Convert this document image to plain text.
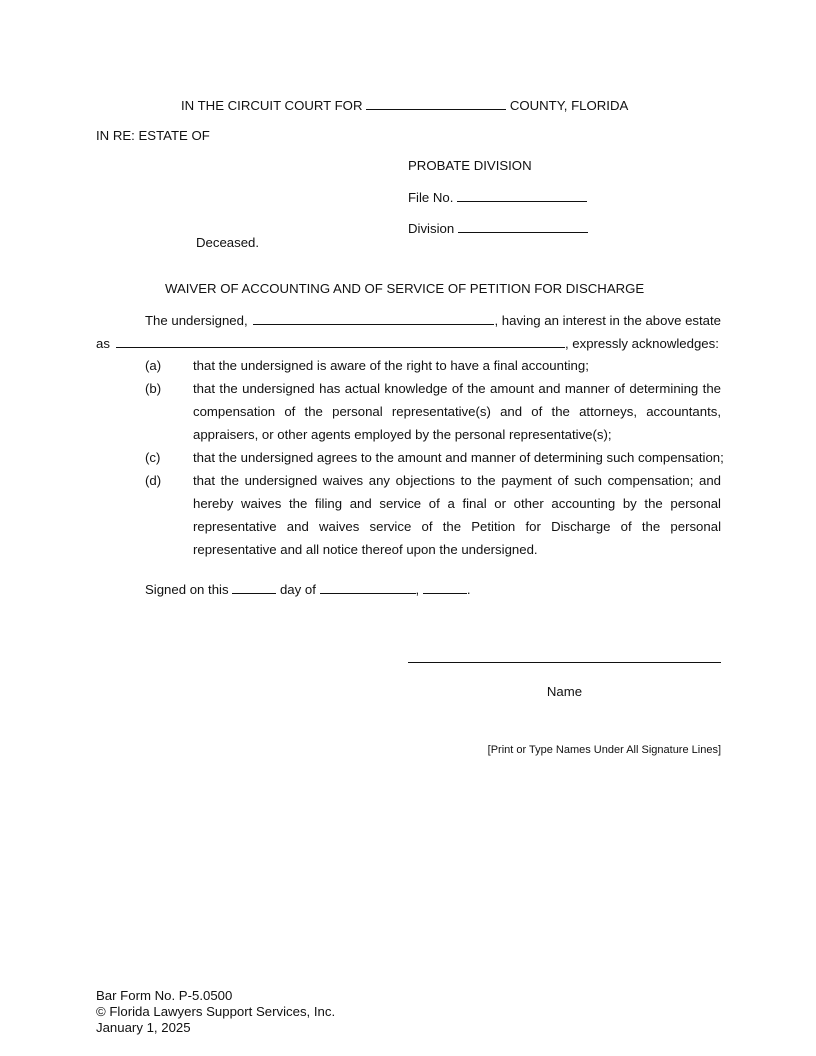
IN THE CIRCUIT COURT FOR	COUNTY, FLORIDA
IN RE: ESTATE OF
PROBATE DIVISION
File No.
Division
Deceased.
WAIVER OF ACCOUNTING AND OF SERVICE OF PETITION FOR DISCHARGE
The undersigned,	, having an interest in the above estate
as	, expressly acknowledges:
(a) that the undersigned is aware of the right to have a final accounting;
(b) that the undersigned has actual knowledge of the amount and manner of determining the
compensation of the personal representative(s) and of the attorneys, accountants,
appraisers, or other agents employed by the personal representative(s);
(c) that the undersigned agrees to the amount and manner of determining such compensation;
(d) that the undersigned waives any objections to the payment of such compensation; and
hereby waives the filing and service of a final or other accounting by the personal
representative and waives service of the Petition for Discharge of the personal
representative and all notice thereof upon the undersigned.
Signed on this	day of	,	.
Name
[Print or Type Names Under All Signature Lines]
Bar Form No. P-5.0500
© Florida Lawyers Support Services, Inc.
January 1, 2025
